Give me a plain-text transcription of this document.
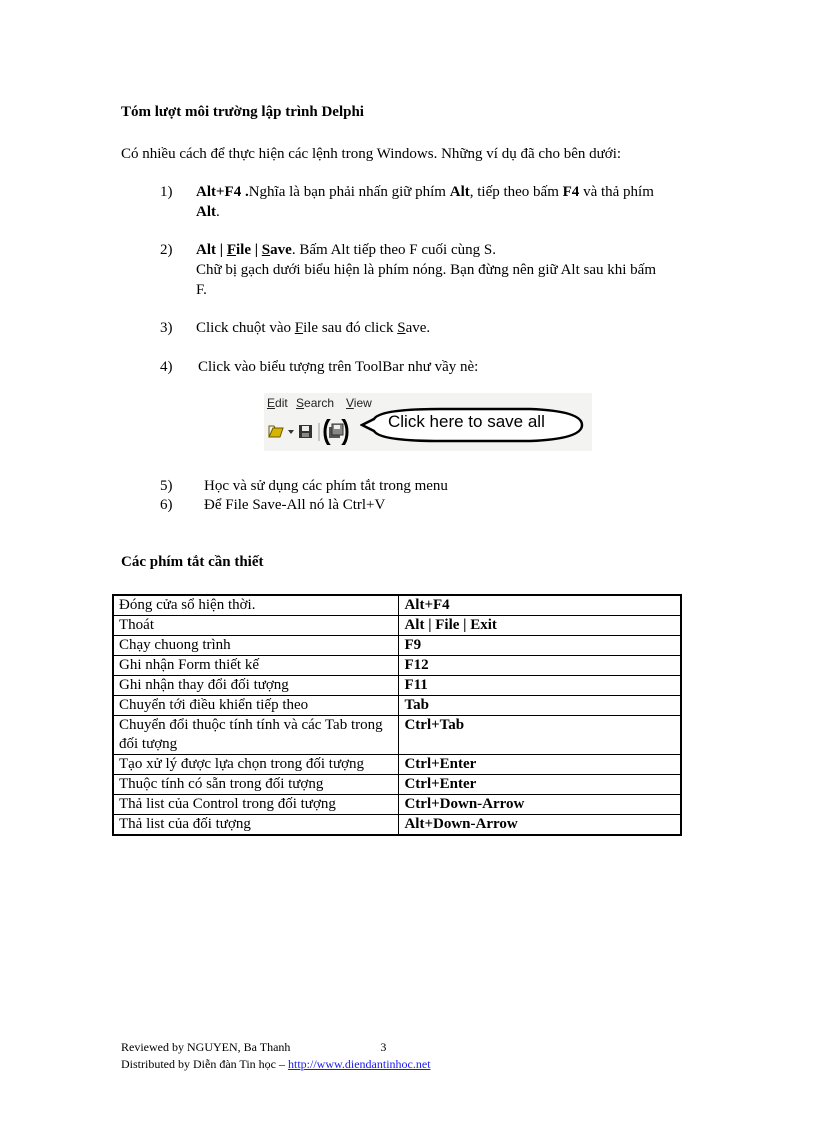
Tóm lượt môi trường lập trình Delphi
Có nhiều cách để thực hiện các lệnh trong Windows. Những ví dụ đã cho bên dưới:
1)	Alt+F4 .Nghĩa là bạn phải nhấn giữ phím Alt, tiếp theo bấm F4 và thả phím
Alt.
2)	Alt | File | Save. Bấm Alt tiếp theo F cuối cùng S.
Chữ bị gạch dưới biểu hiện là phím nóng. Bạn đừng nên giữ Alt sau khi bấm
F.
3)	Click chuột vào File sau đó click Save.
4)	Click vào biểu tượng trên ToolBar như vầy nè:
Edit Search View
Click here to save all
5)	Học và sử dụng các phím tắt trong menu
6)	Để File Save-All nó là Ctrl+V
Các phím tắt cần thiết
Đóng cửa sổ hiện thời.	Alt+F4
Thoát	Alt | File | Exit
Chạy chuong trình	F9
Ghi nhận Form thiết kế	F12
Ghi nhận thay đổi đối tượng	F11
Chuyển tới điều khiển tiếp theo	Tab
Chuyển đổi thuộc tính tính và các Tab trong đối tượng	Ctrl+Tab
Tạo xử lý được lựa chọn trong đối tượng	Ctrl+Enter
Thuộc tính có sẵn trong đối tượng	Ctrl+Enter
Thả list của Control trong đối tượng	Ctrl+Down-Arrow
Thả list của đối tượng	Alt+Down-Arrow
Reviewed by NGUYEN, Ba Thanh	3
Distributed by Diễn đàn Tin học – http://www.diendantinhoc.net
